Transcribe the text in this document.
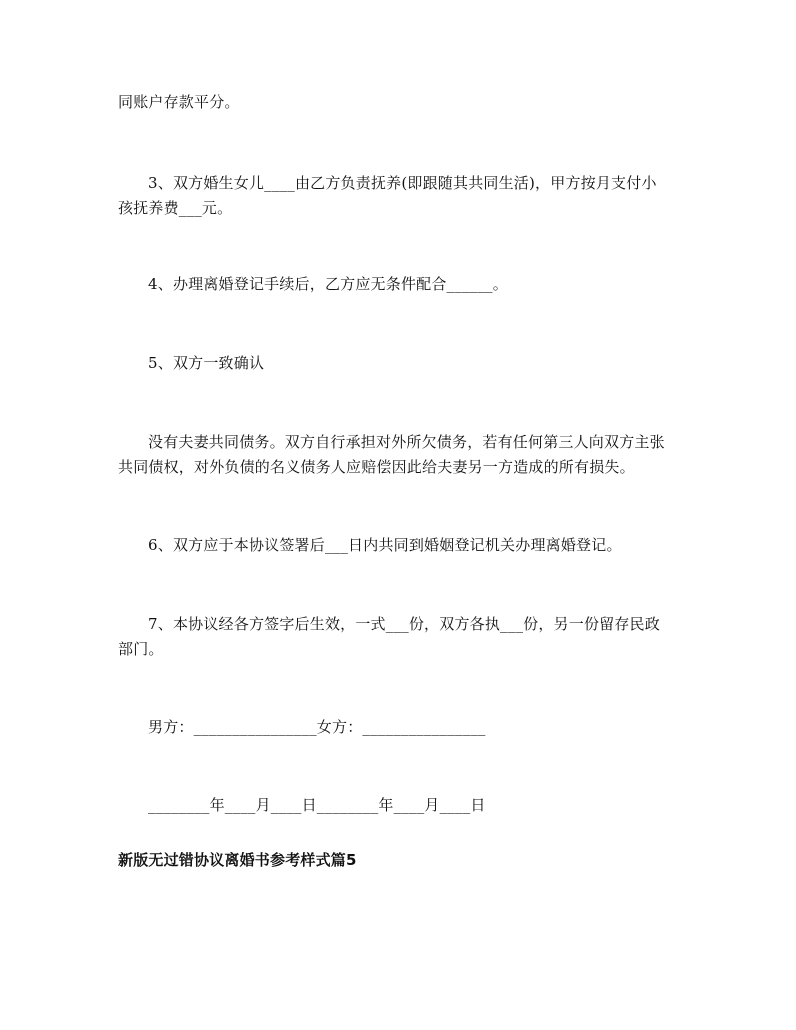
同账户存款平分。
3、双方婚生女儿____由乙方负责抚养(即跟随其共同生活)，甲方按月支付小
孩抚养费___元。
4、办理离婚登记手续后，乙方应无条件配合______。
5、双方一致确认
没有夫妻共同债务。双方自行承担对外所欠债务，若有任何第三人向双方主张
共同债权，对外负债的名义债务人应赔偿因此给夫妻另一方造成的所有损失。
6、双方应于本协议签署后___日内共同到婚姻登记机关办理离婚登记。
7、本协议经各方签字后生效，一式___份，双方各执___份，另一份留存民政
部门。
男方：________________女方：________________
________年____月____日________年____月____日
新版无过错协议离婚书参考样式篇5
